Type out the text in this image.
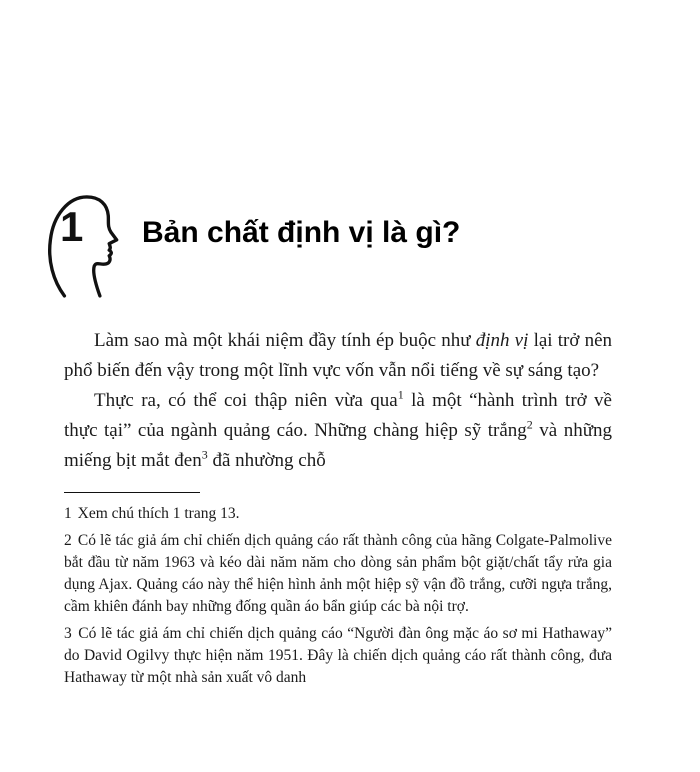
1 Bản chất định vị là gì?

Làm sao mà một khái niệm đầy tính ép buộc như định vị lại trở nên phổ biến đến vậy trong một lĩnh vực vốn vẫn nổi tiếng về sự sáng tạo?

Thực ra, có thể coi thập niên vừa qua$^1$ là một “hành trình trở về thực tại” của ngành quảng cáo. Những chàng hiệp sỹ trắng$^2$ và những miếng bịt mắt đen$^3$ đã nhường chỗ

1 Xem chú thích 1 trang 13.

2 Có lẽ tác giả ám chỉ chiến dịch quảng cáo rất thành công của hãng Colgate-Palmolive bắt đầu từ năm 1963 và kéo dài năm năm cho dòng sản phẩm bột giặt/chất tẩy rửa gia dụng Ajax. Quảng cáo này thể hiện hình ảnh một hiệp sỹ vận đồ trắng, cưỡi ngựa trắng, cầm khiên đánh bay những đống quần áo bẩn giúp các bà nội trợ.

3 Có lẽ tác giả ám chỉ chiến dịch quảng cáo “Người đàn ông mặc áo sơ mi Hathaway” do David Ogilvy thực hiện năm 1951. Đây là chiến dịch quảng cáo rất thành công, đưa Hathaway từ một nhà sản xuất vô danh
